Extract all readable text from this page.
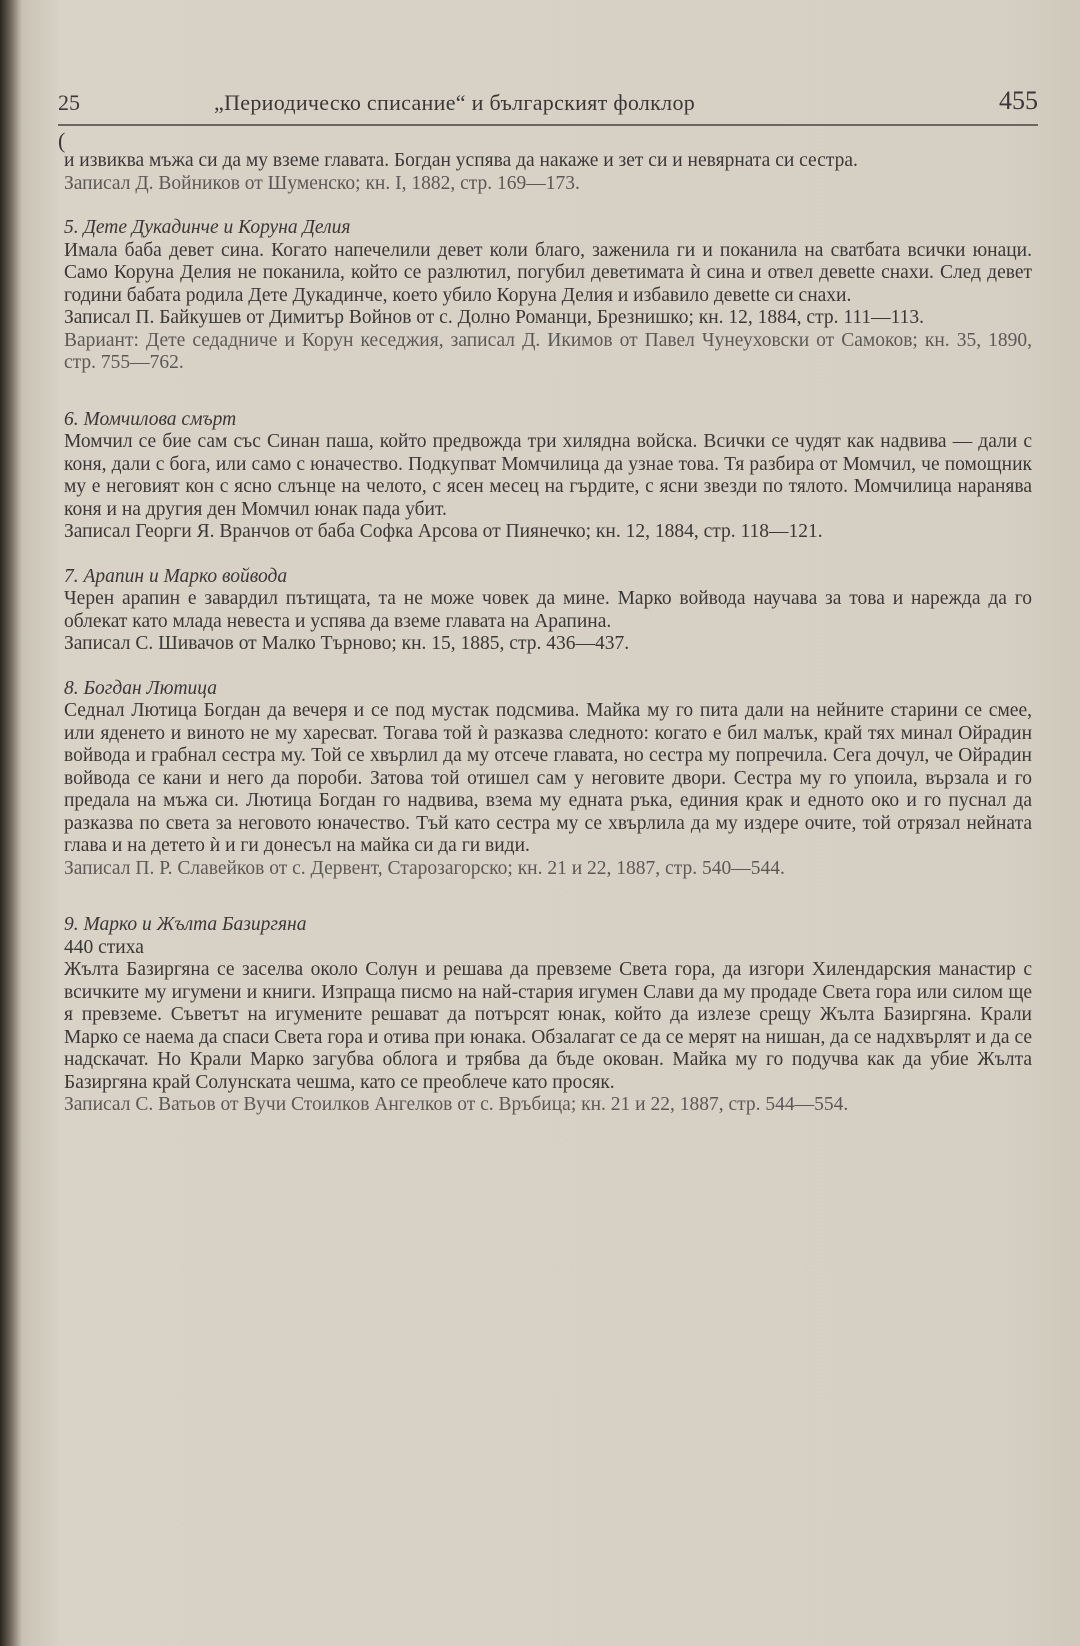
25	„Периодическо списание“ и българският фолклор	455
(

и извиква мъжа си да му вземе главата. Богдан успява да накаже и зет си и невярната си сестра.

Записал Д. Войников от Шуменско; кн. I, 1882, стр. 169—173.

5. Дете Дукадинче и Коруна Делия

Имала баба девет сина. Когато напечелили девет коли благо, заженила ги и поканила на сватбата всички юнаци. Само Коруна Делия не поканила, който се разлютил, погубил деветимата ѝ сина и отвел девеtte снахи. След девет години бабата родила Дете Дукадинче, което убило Коруна Делия и избавило девеtte си снахи.

Записал П. Байкушев от Димитър Войнов от с. Долно Романци, Брезнишко; кн. 12, 1884, стр. 111—113.

Вариант: Дете седадниче и Корун кеседжия, записал Д. Икимов от Павел Чунеуховски от Самоков; кн. 35, 1890, стр. 755—762.

6. Момчилова смърт

Момчил се бие сам със Синан паша, който предвожда три хилядна войска. Всички се чудят как надвива — дали с коня, дали с бога, или само с юначество. Подкупват Момчилица да узнае това. Тя разбира от Момчил, че помощник му е неговият кон с ясно слънце на челото, с ясен месец на гърдите, с ясни звезди по тялото. Момчилица наранява коня и на другия ден Момчил юнак пада убит.

Записал Георги Я. Вранчов от баба Софка Арсова от Пиянечко; кн. 12, 1884, стр. 118—121.

7. Арапин и Марко войвода

Черен арапин е завардил пътищата, та не може човек да мине. Марко войвода научава за това и нарежда да го облекат като млада невеста и успява да вземе главата на Арапина.

Записал С. Шивачов от Малко Търново; кн. 15, 1885, стр. 436—437.

8. Богдан Лютица

Седнал Лютица Богдан да вечеря и се под мустак подсмива. Майка му го пита дали на нейните старини се смее, или яденето и виното не му харесват. Тогава той ѝ разказва следното: когато е бил малък, край тях минал Ойрадин войвода и грабнал сестра му. Той се хвърлил да му отсече главата, но сестра му попречила. Сега дочул, че Ойрадин войвода се кани и него да пороби. Затова той отишел сам у неговите двори. Сестра му го упоила, вързала и го предала на мъжа си. Лютица Богдан го надвива, взема му едната ръка, единия крак и едното око и го пуснал да разказва по света за неговото юначество. Тъй като сестра му се хвърлила да му издере очите, той отрязал нейната глава и на детето ѝ и ги донесъл на майка си да ги види.

Записал П. Р. Славейков от с. Дервент, Старозагорско; кн. 21 и 22, 1887, стр. 540—544.

9. Марко и Жълта Базиргяна

440 стиха

Жълта Базиргяна се заселва около Солун и решава да превземе Света гора, да изгори Хилендарския манастир с всичките му игумени и книги. Изпраща писмо на най-стария игумен Слави да му продаде Света гора или силом ще я превземе. Съветът на игумените решават да потърсят юнак, който да излезе срещу Жълта Базиргяна. Крали Марко се наема да спаси Света гора и отива при юнака. Обзалагат се да се мерят на нишан, да се надхвърлят и да се надскачат. Но Крали Марко загубва облога и трябва да бъде окован. Майка му го подучва как да убие Жълта Базиргяна край Солунската чешма, като се преоблече като просяк.

Записал С. Ватьов от Вучи Стоилков Ангелков от с. Връбица; кн. 21 и 22, 1887, стр. 544—554.
